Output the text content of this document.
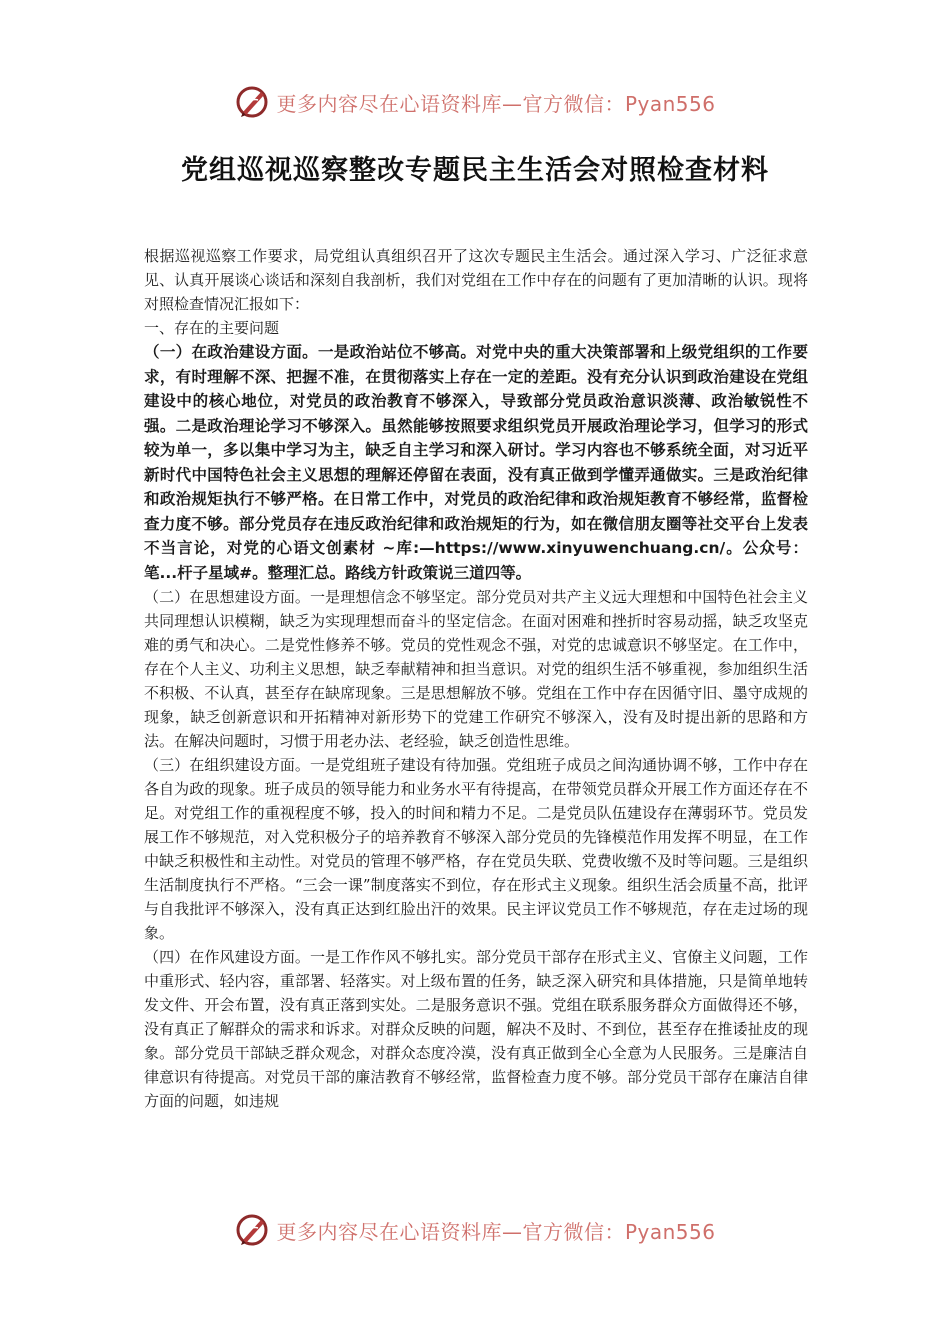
更多内容尽在心语资料库—官方微信：Pyan556
党组巡视巡察整改专题民主生活会对照检查材料

根据巡视巡察工作要求，局党组认真组织召开了这次专题民主生活会。通过深入学习、广泛征求意见、认真开展谈心谈话和深刻自我剖析，我们对党组在工作中存在的问题有了更加清晰的认识。现将对照检查情况汇报如下：

一、存在的主要问题

（一）在政治建设方面。一是政治站位不够高。对党中央的重大决策部署和上级党组织的工作要求，有时理解不深、把握不准，在贯彻落实上存在一定的差距。没有充分认识到政治建设在党组建设中的核心地位，对党员的政治教育不够深入，导致部分党员政治意识淡薄、政治敏锐性不强。二是政治理论学习不够深入。虽然能够按照要求组织党员开展政治理论学习，但学习的形式较为单一，多以集中学习为主，缺乏自主学习和深入研讨。学习内容也不够系统全面，对习近平新时代中国特色社会主义思想的理解还停留在表面，没有真正做到学懂弄通做实。三是政治纪律和政治规矩执行不够严格。在日常工作中，对党员的政治纪律和政治规矩教育不够经常，监督检查力度不够。部分党员存在违反政治纪律和政治规矩的行为，如在微信朋友圈等社交平台上发表不当言论，对党的心语文创素材 ~库:—https://www.xinyuwenchuang.cn/。公众号：笔...杆子星域#。整理汇总。路线方针政策说三道四等。

（二）在思想建设方面。一是理想信念不够坚定。部分党员对共产主义远大理想和中国特色社会主义共同理想认识模糊，缺乏为实现理想而奋斗的坚定信念。在面对困难和挫折时容易动摇，缺乏攻坚克难的勇气和决心。二是党性修养不够。党员的党性观念不强，对党的忠诚意识不够坚定。在工作中，存在个人主义、功利主义思想，缺乏奉献精神和担当意识。对党的组织生活不够重视，参加组织生活不积极、不认真，甚至存在缺席现象。三是思想解放不够。党组在工作中存在因循守旧、墨守成规的现象，缺乏创新意识和开拓精神对新形势下的党建工作研究不够深入，没有及时提出新的思路和方法。在解决问题时，习惯于用老办法、老经验，缺乏创造性思维。

（三）在组织建设方面。一是党组班子建设有待加强。党组班子成员之间沟通协调不够，工作中存在各自为政的现象。班子成员的领导能力和业务水平有待提高，在带领党员群众开展工作方面还存在不足。对党组工作的重视程度不够，投入的时间和精力不足。二是党员队伍建设存在薄弱环节。党员发展工作不够规范，对入党积极分子的培养教育不够深入部分党员的先锋模范作用发挥不明显，在工作中缺乏积极性和主动性。对党员的管理不够严格，存在党员失联、党费收缴不及时等问题。三是组织生活制度执行不严格。“三会一课”制度落实不到位，存在形式主义现象。组织生活会质量不高，批评与自我批评不够深入，没有真正达到红脸出汗的效果。民主评议党员工作不够规范，存在走过场的现象。

（四）在作风建设方面。一是工作作风不够扎实。部分党员干部存在形式主义、官僚主义问题，工作中重形式、轻内容，重部署、轻落实。对上级布置的任务，缺乏深入研究和具体措施，只是简单地转发文件、开会布置，没有真正落到实处。二是服务意识不强。党组在联系服务群众方面做得还不够，没有真正了解群众的需求和诉求。对群众反映的问题，解决不及时、不到位，甚至存在推诿扯皮的现象。部分党员干部缺乏群众观念，对群众态度冷漠，没有真正做到全心全意为人民服务。三是廉洁自律意识有待提高。对党员干部的廉洁教育不够经常，监督检查力度不够。部分党员干部存在廉洁自律方面的问题，如违规

更多内容尽在心语资料库—官方微信：Pyan556
